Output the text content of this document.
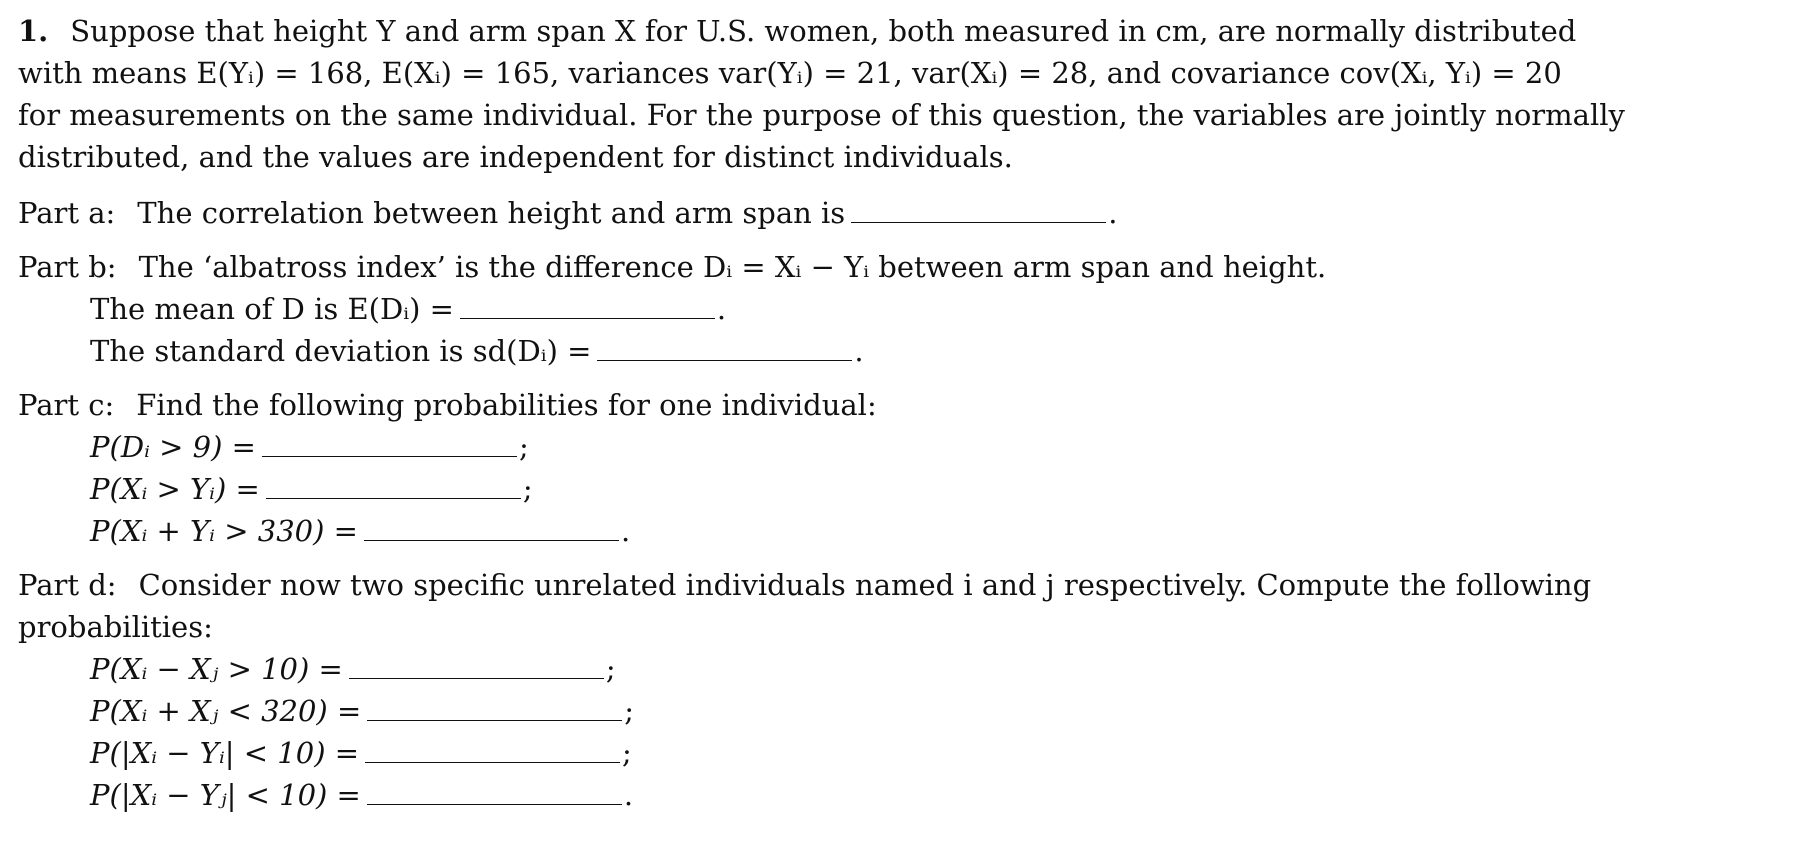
1. Suppose that height Y and arm span X for U.S. women, both measured in cm, are normally distributed
with means E(Yᵢ) = 168, E(Xᵢ) = 165, variances var(Yᵢ) = 21, var(Xᵢ) = 28, and covariance cov(Xᵢ, Yᵢ) = 20
for measurements on the same individual. For the purpose of this question, the variables are jointly normally
distributed, and the values are independent for distinct individuals.
Part a: The correlation between height and arm span is	.
Part b: The ‘albatross index’ is the difference Dᵢ = Xᵢ − Yᵢ between arm span and height.
The mean of D is E(Dᵢ) =	.
The standard deviation is sd(Dᵢ) =	.
Part c: Find the following probabilities for one individual:
P(Dᵢ > 9) =	;
P(Xᵢ > Yᵢ) =	;
P(Xᵢ + Yᵢ > 330) =	.
Part d: Consider now two specific unrelated individuals named i and j respectively. Compute the following
probabilities:
P(Xᵢ − Xⱼ > 10) =	;
P(Xᵢ + Xⱼ < 320) =	;
P(|Xᵢ − Yᵢ| < 10) =	;
P(|Xᵢ − Yⱼ| < 10) =	.
